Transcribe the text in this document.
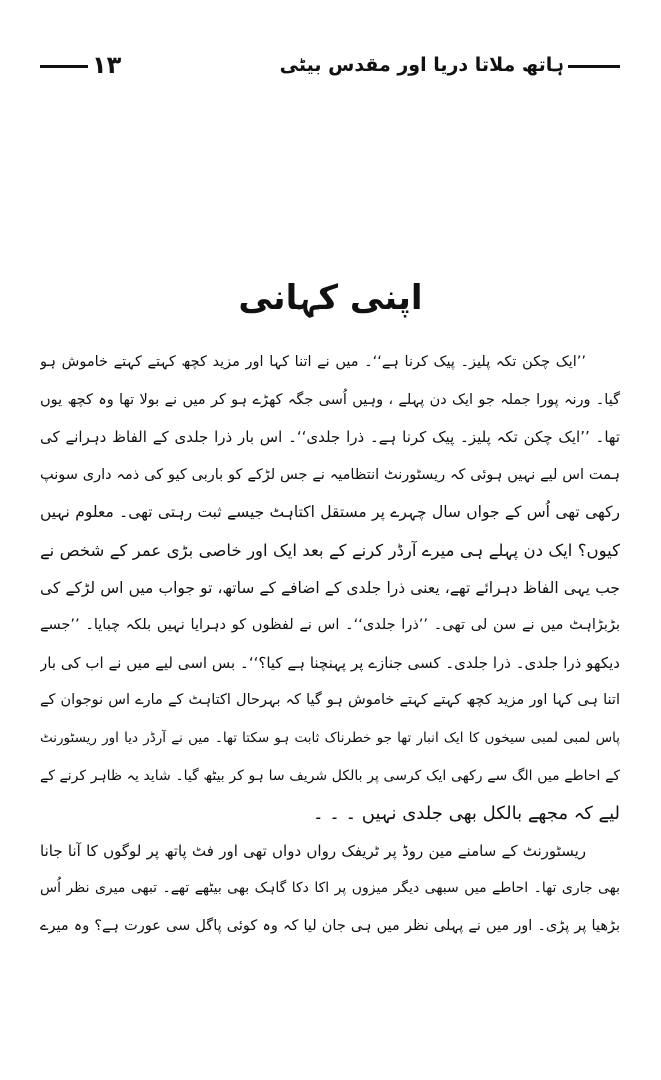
۱۳	ہاتھ ملاتا دریا اور مقدس بیٹی
اپنی کہانی
’’ایک چکن تکہ پلیز۔ پیک کرنا ہے‘‘۔ میں نے اتنا کہا اور مزید کچھ کہتے کہتے خاموش ہو
گیا۔ ورنہ پورا جملہ جو ایک دن پہلے ، وہیں اُسی جگہ کھڑے ہو کر میں نے بولا تھا وہ کچھ یوں
تھا۔ ’’ایک چکن تکہ پلیز۔ پیک کرنا ہے۔ ذرا جلدی‘‘۔ اس بار ذرا جلدی کے الفاظ دہرانے کی
ہمت اس لیے نہیں ہوئی کہ ریسٹورنٹ انتظامیہ نے جس لڑکے کو باربی کیو کی ذمہ داری سونپ
رکھی تھی اُس کے جواں سال چہرے پر مستقل اکتاہٹ جیسے ثبت رہتی تھی۔ معلوم نہیں
کیوں؟ ایک دن پہلے ہی میرے آرڈر کرنے کے بعد ایک اور خاصی بڑی عمر کے شخص نے
جب یہی الفاظ دہرائے تھے، یعنی ذرا جلدی کے اضافے کے ساتھ، تو جواب میں اس لڑکے کی
بڑبڑاہٹ میں نے سن لی تھی۔ ’’ذرا جلدی‘‘۔ اس نے لفظوں کو دہرایا نہیں بلکہ چبایا۔ ’’جسے
دیکھو ذرا جلدی۔ ذرا جلدی۔ کسی جنازے پر پہنچنا ہے کیا؟‘‘۔ بس اسی لیے میں نے اب کی بار
اتنا ہی کہا اور مزید کچھ کہتے کہتے خاموش ہو گیا کہ بہرحال اکتاہٹ کے مارے اس نوجوان کے
پاس لمبی لمبی سیخوں کا ایک انبار تھا جو خطرناک ثابت ہو سکتا تھا۔ میں نے آرڈر دیا اور ریسٹورنٹ
کے احاطے میں الگ سے رکھی ایک کرسی پر بالکل شریف سا ہو کر بیٹھ گیا۔ شاید یہ ظاہر کرنے کے
لیے کہ مجھے بالکل بھی جلدی نہیں ۔ ۔ ۔
ریسٹورنٹ کے سامنے مین روڈ پر ٹریفک رواں دواں تھی اور فٹ پاتھ پر لوگوں کا آنا جانا
بھی جاری تھا۔ احاطے میں سبھی دیگر میزوں پر اکا دکا گاہک بھی بیٹھے تھے۔ تبھی میری نظر اُس
بڑھیا پر پڑی۔ اور میں نے پہلی نظر میں ہی جان لیا کہ وہ کوئی پاگل سی عورت ہے؟ وہ میرے
